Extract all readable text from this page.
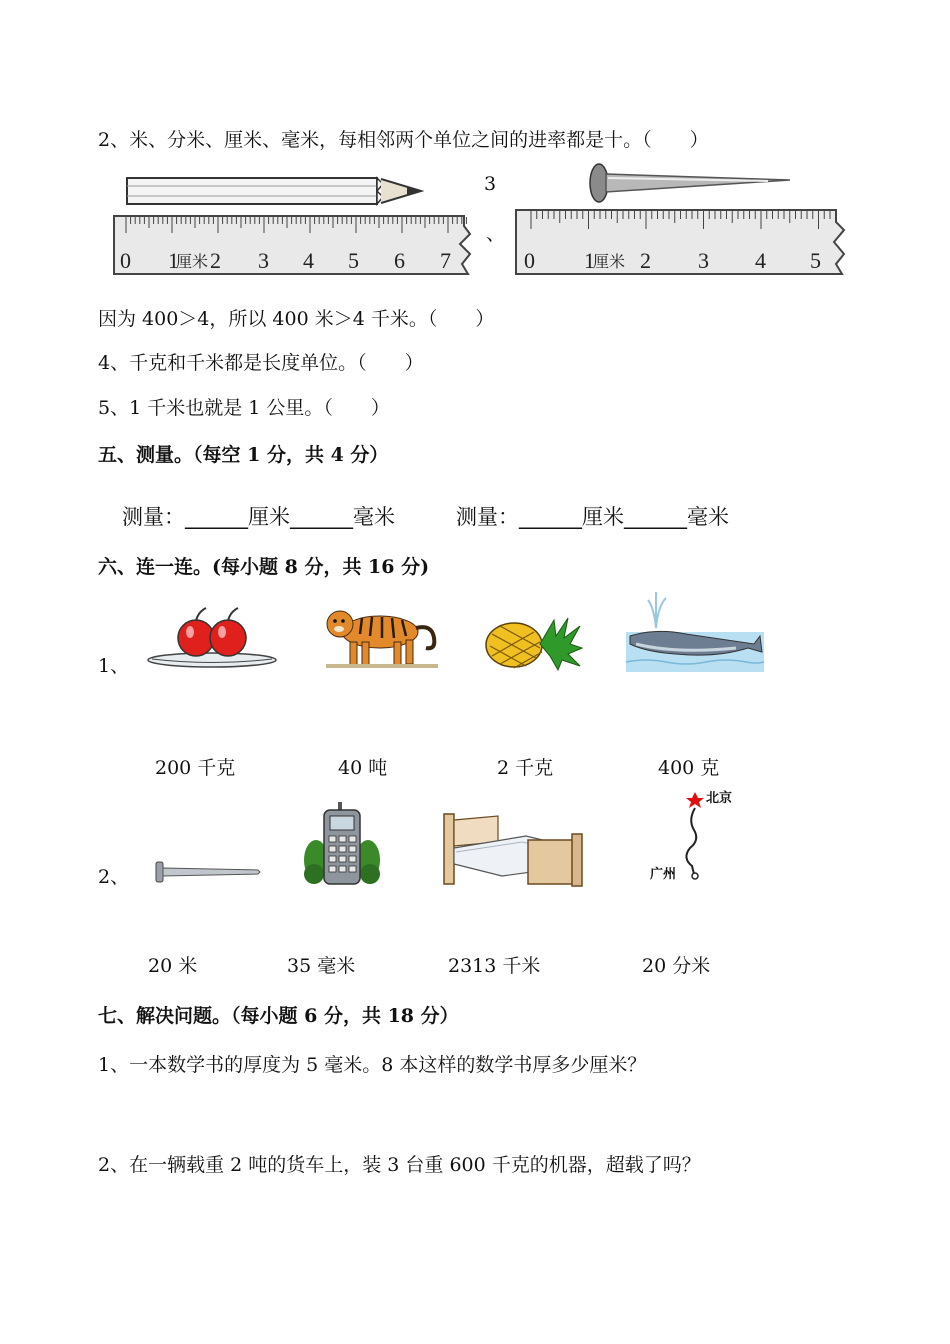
2、米、分米、厘米、毫米，每相邻两个单位之间的进率都是十。（　　）
0 1
厘米 2 3 4 5 6 7
3
、
0 1
厘米 2 3 4 5
因为 400＞4，所以 400 米＞4 千米。（　　）
4、千克和千米都是长度单位。（　　）
5、1 千米也就是 1 公里。（　　）
五、测量。（每空 1 分，共 4 分）
测量：______厘米______毫米	测量：______厘米______毫米
六、连一连。(每小题 8 分，共 16 分)
1、
200 千克	40 吨	2 千克	400 克
2、
北京
广州
20 米	35 毫米	2313 千米	20 分米
七、解决问题。（每小题 6 分，共 18 分）
1、一本数学书的厚度为 5 毫米。8 本这样的数学书厚多少厘米？
2、在一辆载重 2 吨的货车上，装 3 台重 600 千克的机器，超载了吗？
